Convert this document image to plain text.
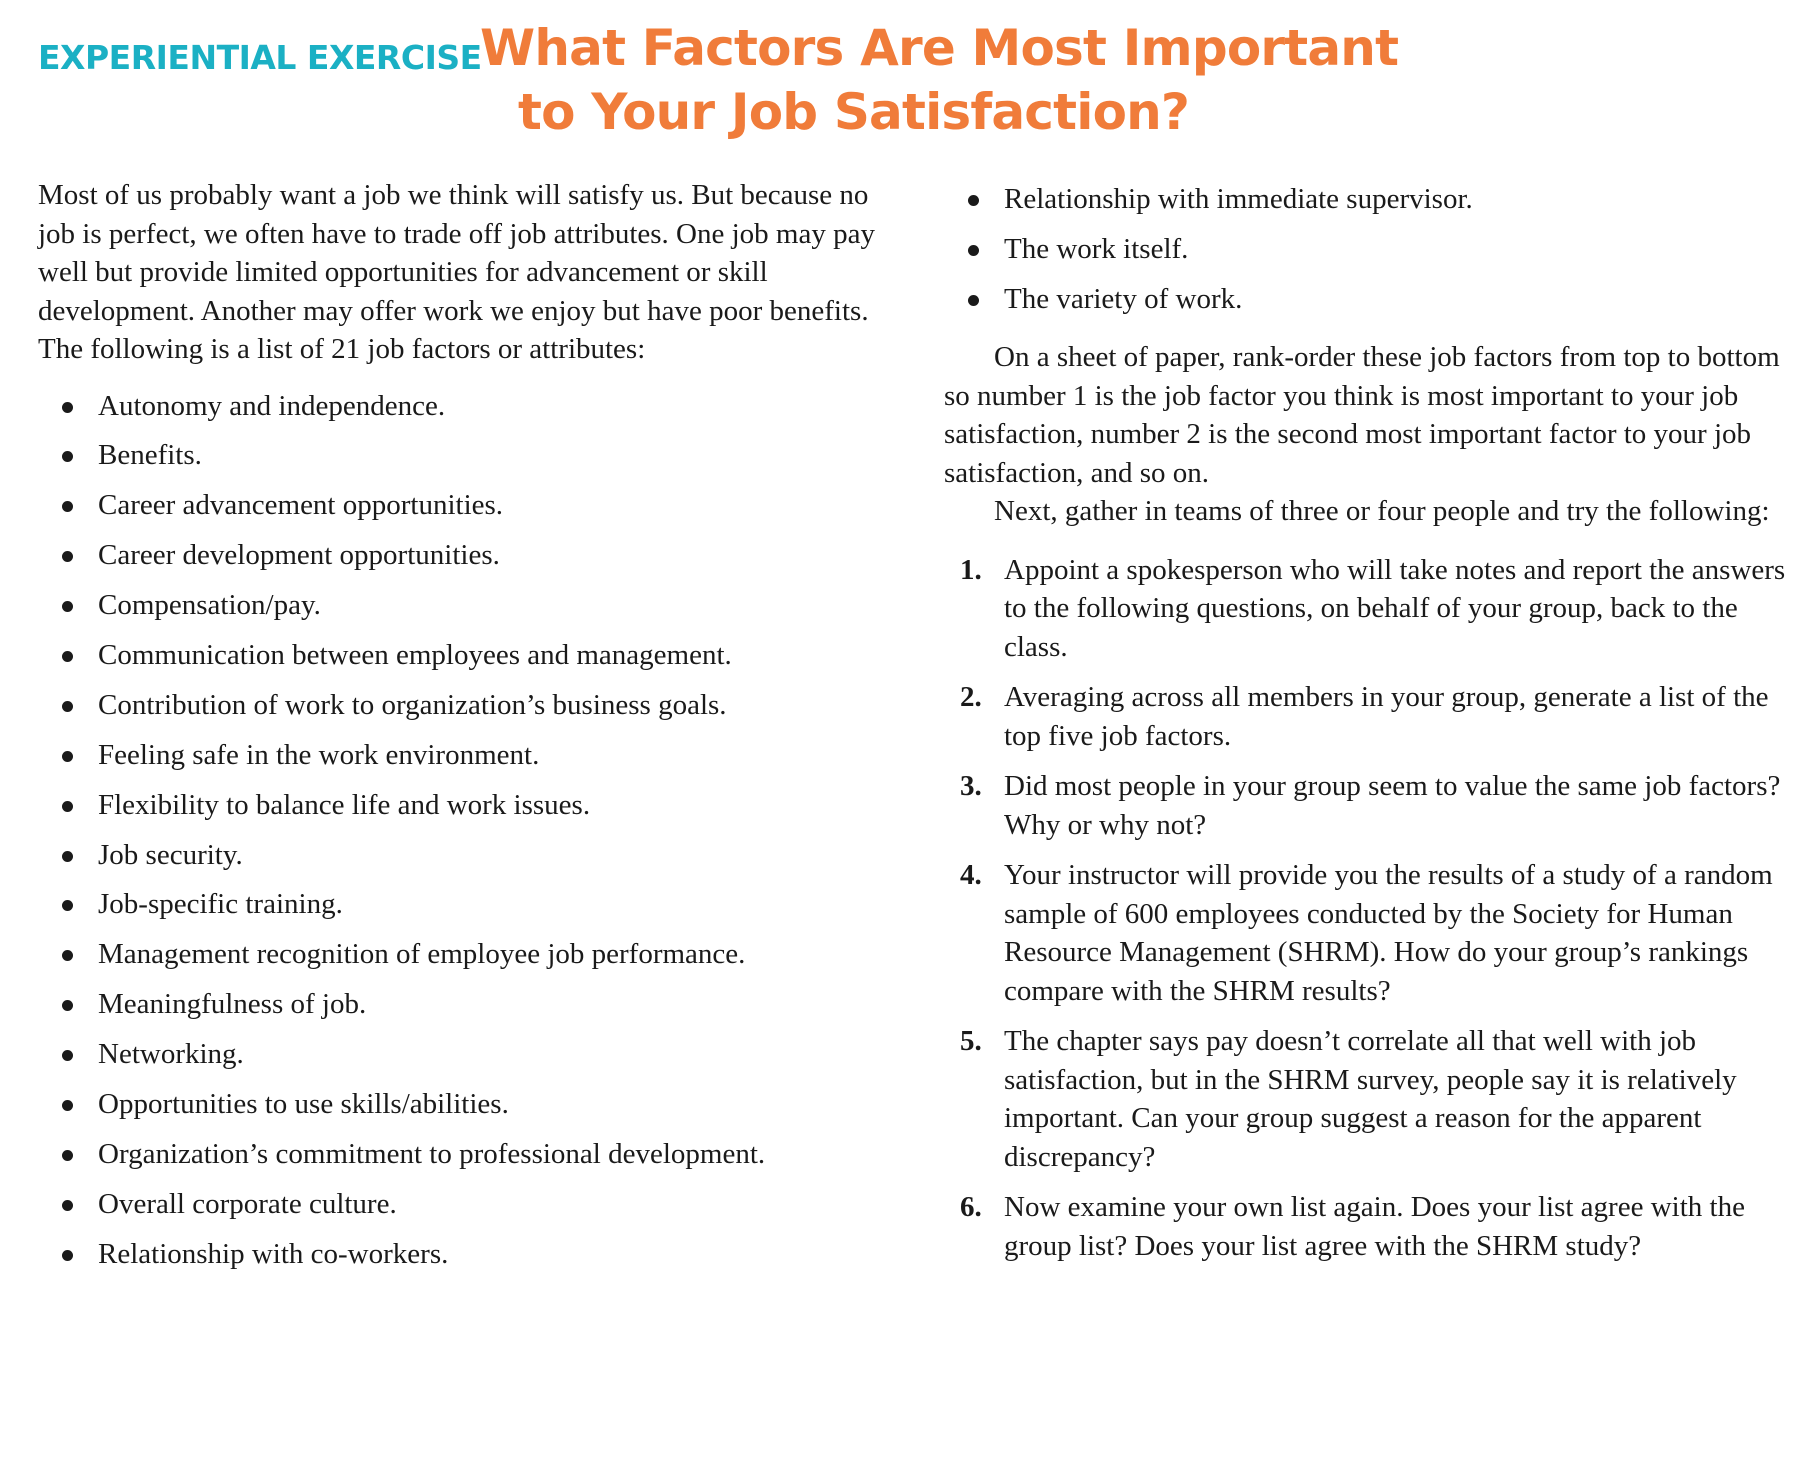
EXPERIENTIAL EXERCISE
What Factors Are Most Important
to Your Job Satisfaction?

Most of us probably want a job we think will satisfy us. But because no job is perfect, we often have to trade off job attributes. One job may pay well but provide limited opportunities for advancement or skill development. Another may offer work we enjoy but have poor benefits. The following is a list of 21 job factors or attributes:

Autonomy and independence.
Benefits.
Career advancement opportunities.
Career development opportunities.
Compensation/pay.
Communication between employees and management.
Contribution of work to organization’s business goals.
Feeling safe in the work environment.
Flexibility to balance life and work issues.
Job security.
Job-specific training.
Management recognition of employee job performance.
Meaningfulness of job.
Networking.
Opportunities to use skills/abilities.
Organization’s commitment to professional development.
Overall corporate culture.
Relationship with co-workers.
Relationship with immediate supervisor.
The work itself.
The variety of work.

On a sheet of paper, rank-order these job factors from top to bottom so number 1 is the job factor you think is most important to your job satisfaction, number 2 is the second most important factor to your job satisfaction, and so on.

Next, gather in teams of three or four people and try the following:

1. Appoint a spokesperson who will take notes and report the answers to the following questions, on behalf of your group, back to the class.
2. Averaging across all members in your group, generate a list of the top five job factors.
3. Did most people in your group seem to value the same job factors? Why or why not?
4. Your instructor will provide you the results of a study of a random sample of 600 employees conducted by the Society for Human Resource Management (SHRM). How do your group’s rankings compare with the SHRM results?
5. The chapter says pay doesn’t correlate all that well with job satisfaction, but in the SHRM survey, people say it is relatively important. Can your group suggest a reason for the apparent discrepancy?
6. Now examine your own list again. Does your list agree with the group list? Does your list agree with the SHRM study?
